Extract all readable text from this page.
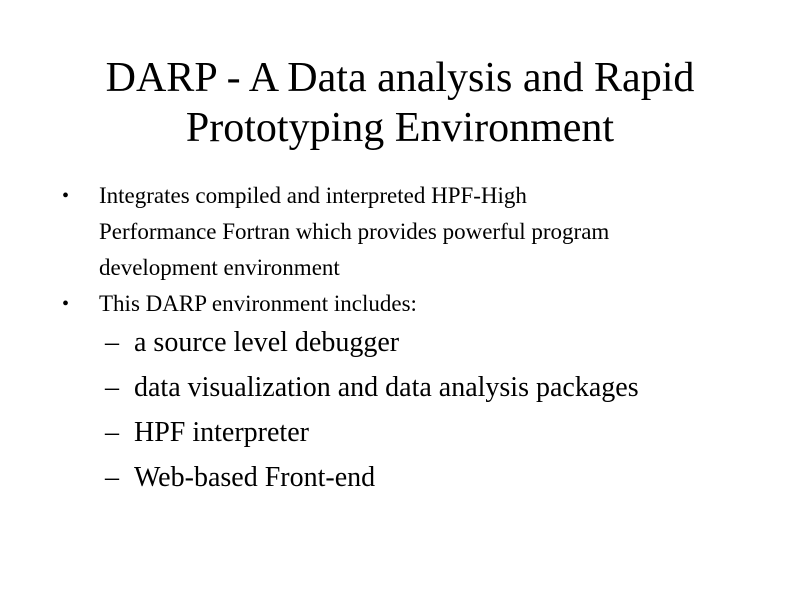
DARP - A Data analysis and Rapid
Prototyping Environment
•	Integrates compiled and interpreted HPF-High
Performance Fortran which provides powerful program
development environment
•	This DARP environment includes:
– a source level debugger
– data visualization and data analysis packages
– HPF interpreter
– Web-based Front-end
